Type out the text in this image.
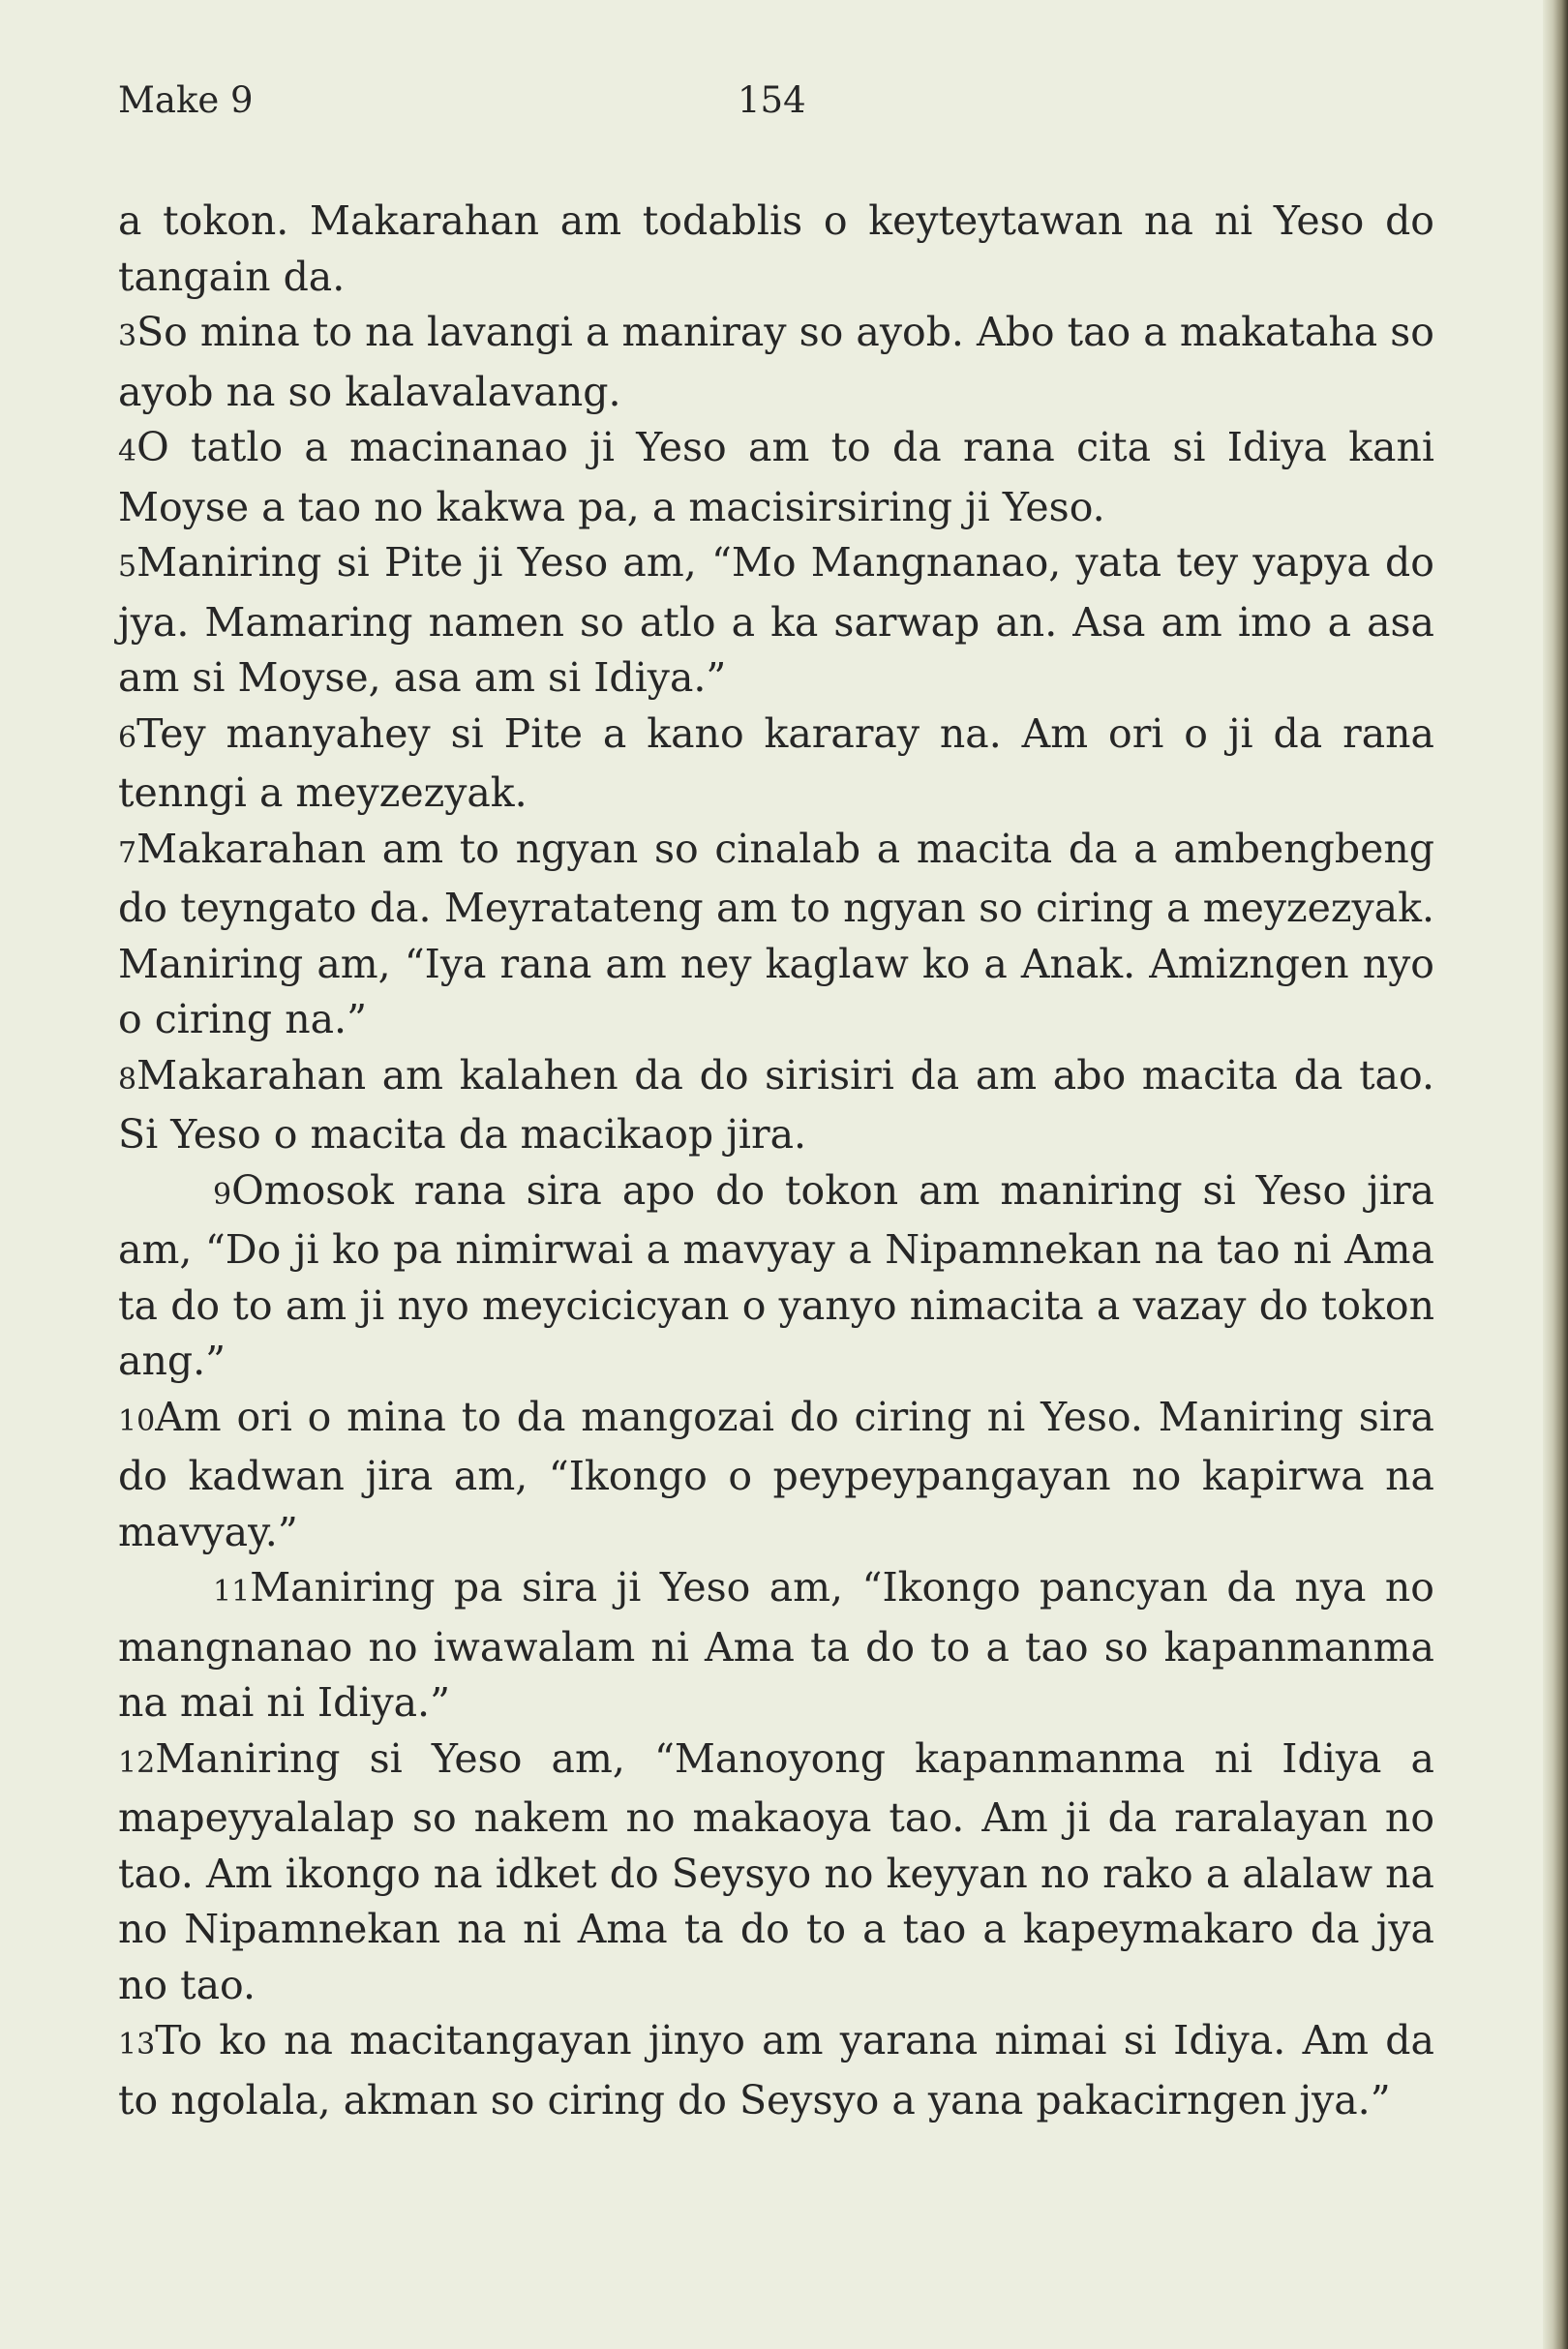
Make 9	154

a tokon. Makarahan am todablis o keyteytawan na ni Yeso do tangain da.

3So mina to na lavangi a maniray so ayob. Abo tao a makataha so ayob na so kalavalavang.

4O tatlo a macinanao ji Yeso am to da rana cita si Idiya kani Moyse a tao no kakwa pa, a macisirsiring ji Yeso.

5Maniring si Pite ji Yeso am, “Mo Mangnanao, yata tey yapya do jya. Mamaring namen so atlo a ka sarwap an. Asa am imo a asa am si Moyse, asa am si Idiya.”

6Tey manyahey si Pite a kano kararay na. Am ori o ji da rana tenngi a meyzezyak.

7Makarahan am to ngyan so cinalab a macita da a ambengbeng do teyngato da. Meyratateng am to ngyan so ciring a meyzezyak. Maniring am, “Iya rana am ney kaglaw ko a Anak. Amizngen nyo o ciring na.”

8Makarahan am kalahen da do sirisiri da am abo macita da tao. Si Yeso o macita da macikaop jira.

9Omosok rana sira apo do tokon am maniring si Yeso jira am, “Do ji ko pa nimirwai a mavyay a Nipamnekan na tao ni Ama ta do to am ji nyo meycicicyan o yanyo nimacita a vazay do tokon ang.”

10Am ori o mina to da mangozai do ciring ni Yeso. Maniring sira do kadwan jira am, “Ikongo o peypeypangayan no kapirwa na mavyay.”

11Maniring pa sira ji Yeso am, “Ikongo pancyan da nya no mangnanao no iwawalam ni Ama ta do to a tao so kapanmanma na mai ni Idiya.”

12Maniring si Yeso am, “Manoyong kapanmanma ni Idiya a mapeyyalalap so nakem no makaoya tao. Am ji da raralayan no tao. Am ikongo na idket do Seysyo no keyyan no rako a alalaw na no Nipamnekan na ni Ama ta do to a tao a kapeymakaro da jya no tao.

13To ko na macitangayan jinyo am yarana nimai si Idiya. Am da to ngolala, akman so ciring do Seysyo a yana pakacirngen jya.”
